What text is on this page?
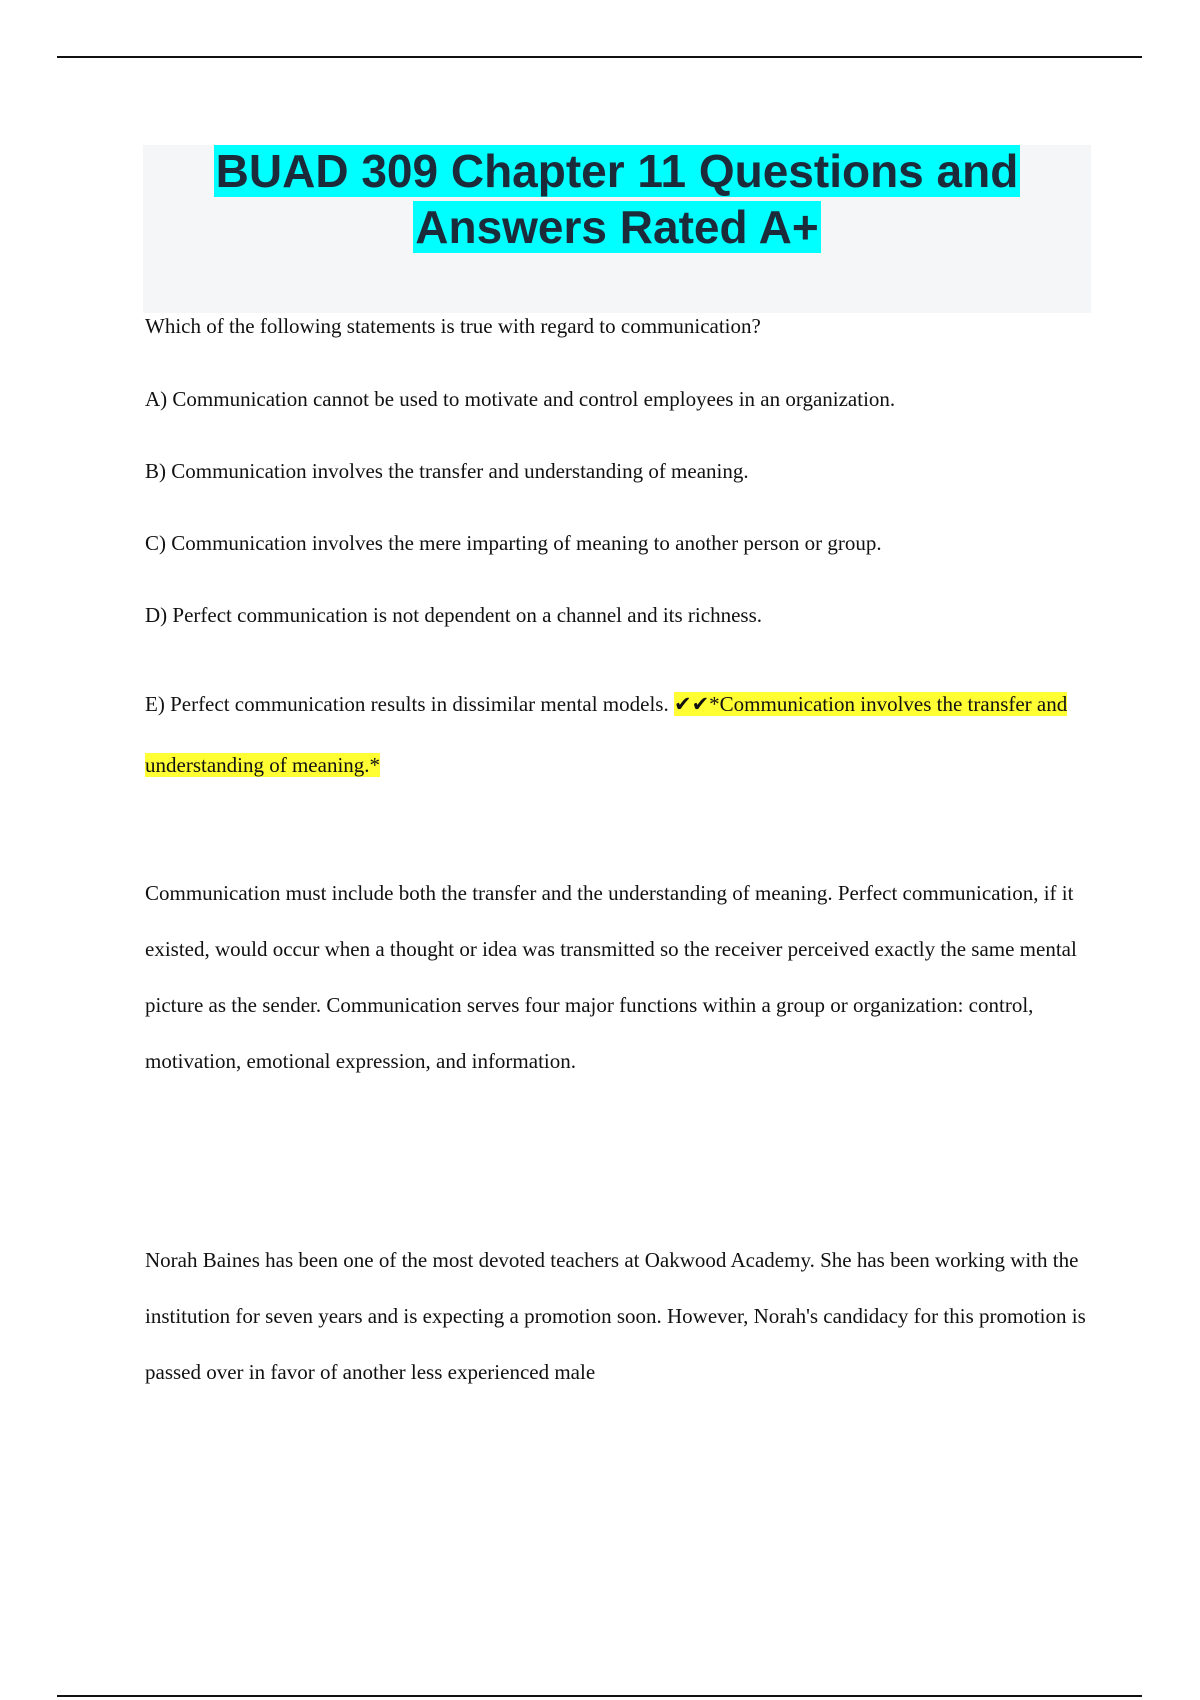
BUAD 309 Chapter 11 Questions and Answers Rated A+

Which of the following statements is true with regard to communication?

A) Communication cannot be used to motivate and control employees in an organization.

B) Communication involves the transfer and understanding of meaning.

C) Communication involves the mere imparting of meaning to another person or group.

D) Perfect communication is not dependent on a channel and its richness.

E) Perfect communication results in dissimilar mental models. ✔✔*Communication involves the transfer and understanding of meaning.*

Communication must include both the transfer and the understanding of meaning. Perfect communication, if it existed, would occur when a thought or idea was transmitted so the receiver perceived exactly the same mental picture as the sender. Communication serves four major functions within a group or organization: control, motivation, emotional expression, and information.

Norah Baines has been one of the most devoted teachers at Oakwood Academy. She has been working with the institution for seven years and is expecting a promotion soon. However, Norah's candidacy for this promotion is passed over in favor of another less experienced male
